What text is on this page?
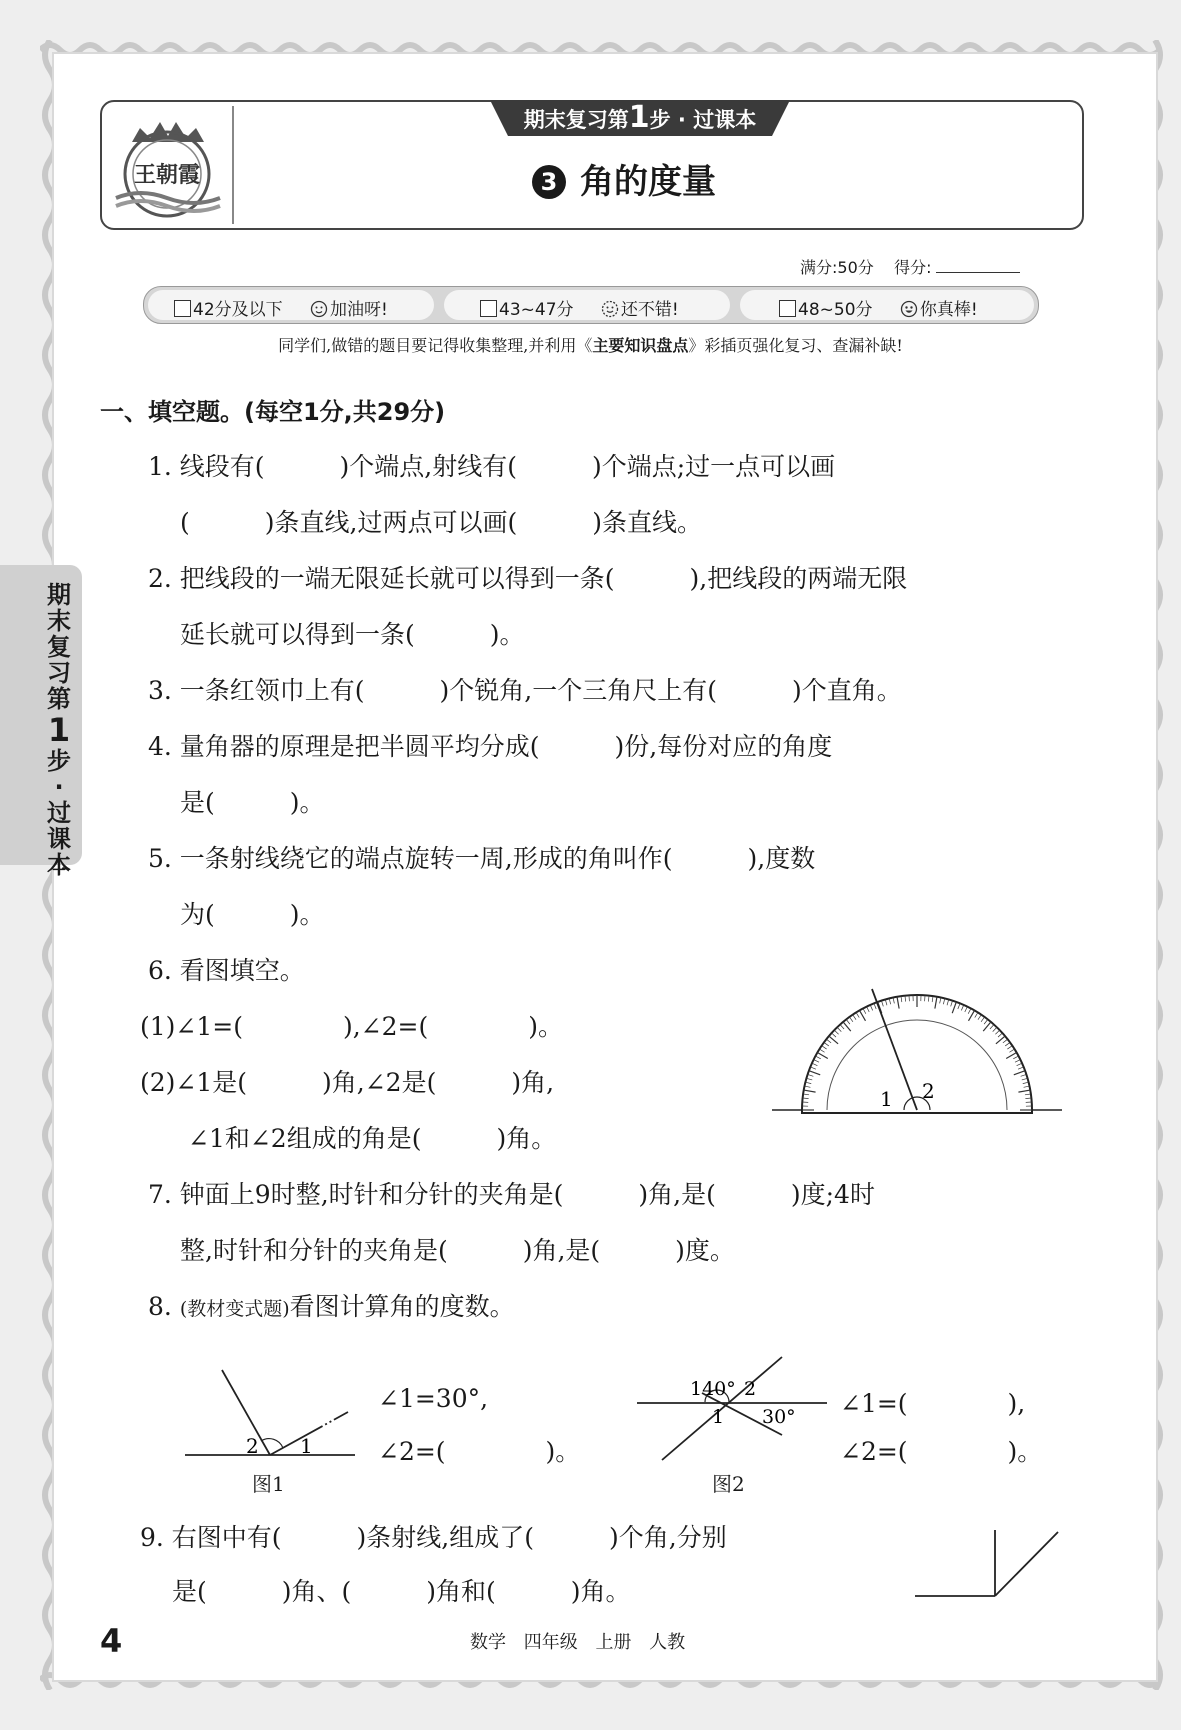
王朝霞
期末复习第1步 · 过课本
3 角的度量
满分:50分 得分:
42分及以下	加油呀!	43~47分	还不错!	48~50分	你真棒!
同学们,做错的题目要记得收集整理,并利用《主要知识盘点》彩插页强化复习、查漏补缺!
一、填空题。(每空1分,共29分)
期末复习第
1
步·过课本
1. 线段有(　　　)个端点,射线有(　　　)个端点;过一点可以画
(　　　)条直线,过两点可以画(　　　)条直线。
2. 把线段的一端无限延长就可以得到一条(　　　),把线段的两端无限
延长就可以得到一条(　　　)。
3. 一条红领巾上有(　　　)个锐角,一个三角尺上有(　　　)个直角。
4. 量角器的原理是把半圆平均分成(　　　)份,每份对应的角度
是(　　　)。
5. 一条射线绕它的端点旋转一周,形成的角叫作(　　　),度数
为(　　　)。
6. 看图填空。
(1)∠1=(　　　　),∠2=(　　　　)。
(2)∠1是(　　　)角,∠2是(　　　)角,
∠1和∠2组成的角是(　　　)角。
1 2
7. 钟面上9时整,时针和分针的夹角是(　　　)角,是(　　　)度;4时
整,时针和分针的夹角是(　　　)角,是(　　　)度。
8. (教材变式题)看图计算角的度数。
2 1
图1
∠1=30°,
∠2=(　　　　)。
140° 2
1 30°
图2
∠1=(　　　　),
∠2=(　　　　)。
9. 右图中有(　　　)条射线,组成了(　　　)个角,分别
是(　　　)角、(　　　)角和(　　　)角。
4	数学 四年级 上册 人教
